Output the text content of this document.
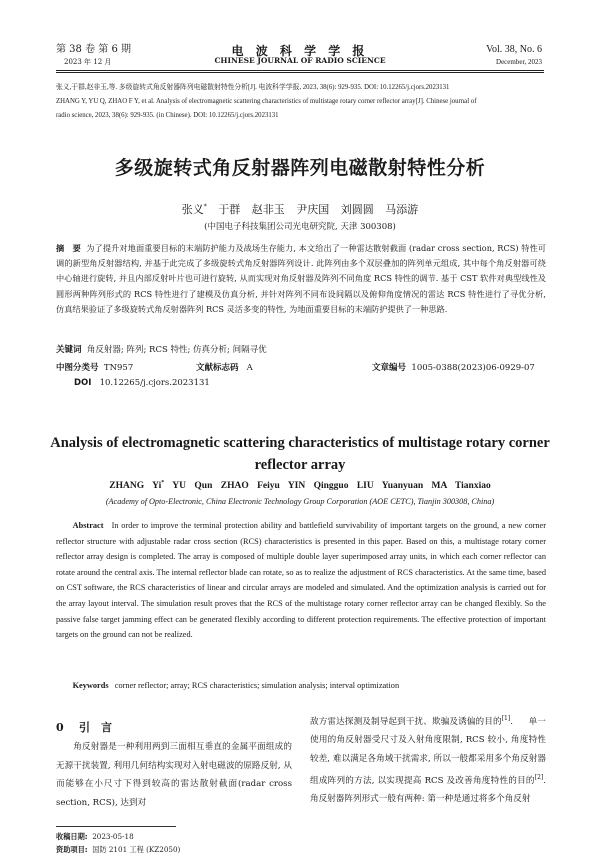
第 38 卷 第 6 期
2023 年 12 月
电 波 科 学 学 报
CHINESE JOURNAL OF RADIO SCIENCE
Vol. 38, No. 6
December, 2023
张义,于群,赵非玉,等. 多级旋转式角反射器阵列电磁散射特性分析[J]. 电波科学学报, 2023, 38(6): 929-935. DOI: 10.12265/j.cjors.2023131
ZHANG Y, YU Q, ZHAO F Y, et al. Analysis of electromagnetic scattering characteristics of multistage rotary corner reflector array[J]. Chinese journal of
radio science, 2023, 38(6): 929-935. (in Chinese). DOI: 10.12265/j.cjors.2023131
多级旋转式角反射器阵列电磁散射特性分析
张义* 于群 赵非玉 尹庆国 刘圆圆 马添游
(中国电子科技集团公司光电研究院, 天津 300308)
摘　要 为了提升对地面重要目标的末端防护能力及战场生存能力, 本文给出了一种雷达散射截面 (radar cross section, RCS) 特性可调的新型角反射器结构, 并基于此完成了多级旋转式角反射器阵列设计. 此阵列由多个双层叠加的阵列单元组成, 其中每个角反射器可绕中心轴进行旋转, 并且内部反射叶片也可进行旋转, 从而实现对角反射器及阵列不同角度 RCS 特性的调节. 基于 CST 软件对典型线性及圆形两种阵列形式的 RCS 特性进行了建模及仿真分析, 并针对阵列不同布设间隔以及俯仰角度情况的雷达 RCS 特性进行了寻优分析, 仿真结果验证了多级旋转式角反射器阵列 RCS 灵活多变的特性, 为地面重要目标的末端防护提供了一种思路.
关键词 角反射器; 阵列; RCS 特性; 仿真分析; 间隔寻优
中图分类号 TN957	文献标志码 A	文章编号 1005-0388(2023)06-0929-07
DOI 10.12265/j.cjors.2023131
Analysis of electromagnetic scattering characteristics of multistage rotary corner
reflector array
ZHANG Yi* YU Qun ZHAO Feiyu YIN Qingguo LIU Yuanyuan MA Tianxiao
(Academy of Opto-Electronic, China Electronic Technology Group Corporation (AOE CETC), Tianjin 300308, China)
Abstract In order to improve the terminal protection ability and battlefield survivability of important targets on the ground, a new corner reflector structure with adjustable radar cross section (RCS) characteristics is presented in this paper. Based on this, a multistage rotary corner reflector array design is completed. The array is composed of multiple double layer superimposed array units, in which each corner reflector can rotate around the central axis. The internal reflector blade can rotate, so as to realize the adjustment of RCS characteristics. At the same time, based on CST software, the RCS characteristics of linear and circular arrays are modeled and simulated. And the optimization analysis is carried out for the array layout interval. The simulation result proves that the RCS of the multistage rotary corner reflector array can be changed flexibly. So the passive false target jamming effect can be generated flexibly according to different protection requirements. The effective protection of important targets on the ground can not be realized.
Keywords corner reflector; array; RCS characteristics; simulation analysis; interval optimization
0 引　言
角反射器是一种利用两到三面相互垂直的金属平面组成的无源干扰装置, 利用几何结构实现对入射电磁波的原路反射, 从而能够在小尺寸下得到较高的雷达散射截面(radar cross section, RCS), 达到对
敌方雷达探测及制导起到干扰、欺骗及诱偏的目的[1]. 单一使用的角反射器受尺寸及入射角度限制, RCS 较小, 角度特性较差, 难以满足各角域干扰需求, 所以一般都采用多个角反射器组成阵列的方法, 以实现提高 RCS 及改善角度特性的目的[2]. 角反射器阵列形式一般有两种: 第一种是通过将多个角反射
收稿日期: 2023-05-18
资助项目: 国防 2101 工程 (KZ2050)
